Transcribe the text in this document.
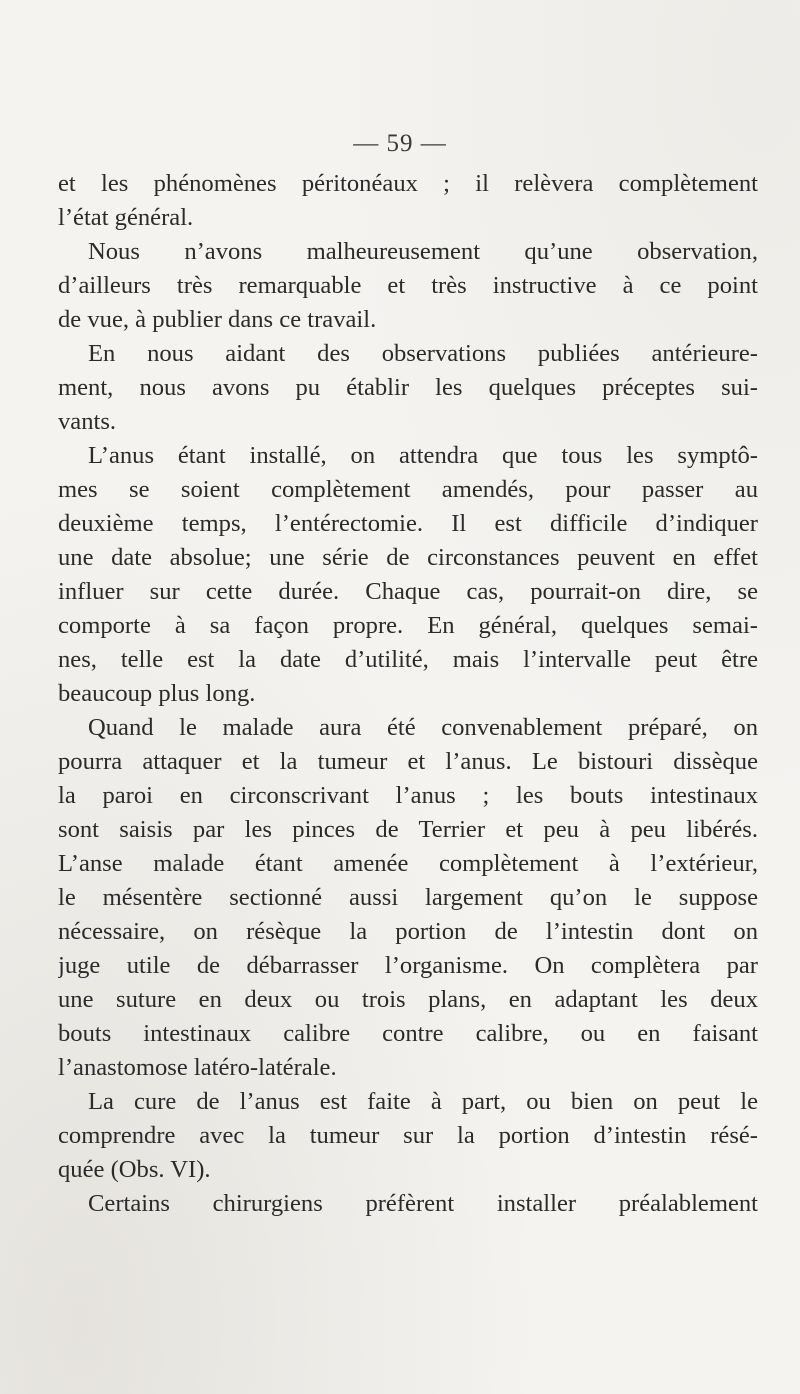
— 59 —
et les phénomènes péritonéaux ; il relèvera complètement
l’état général.
Nous n’avons malheureusement qu’une observation,
d’ailleurs très remarquable et très instructive à ce point
de vue, à publier dans ce travail.
En nous aidant des observations publiées antérieure-
ment, nous avons pu établir les quelques préceptes sui-
vants.
L’anus étant installé, on attendra que tous les symptô-
mes se soient complètement amendés, pour passer au
deuxième temps, l’entérectomie. Il est difficile d’indiquer
une date absolue; une série de circonstances peuvent en effet
influer sur cette durée. Chaque cas, pourrait-on dire, se
comporte à sa façon propre. En général, quelques semai-
nes, telle est la date d’utilité, mais l’intervalle peut être
beaucoup plus long.
Quand le malade aura été convenablement préparé, on
pourra attaquer et la tumeur et l’anus. Le bistouri dissèque
la paroi en circonscrivant l’anus ; les bouts intestinaux
sont saisis par les pinces de Terrier et peu à peu libérés.
L’anse malade étant amenée complètement à l’extérieur,
le mésentère sectionné aussi largement qu’on le suppose
nécessaire, on résèque la portion de l’intestin dont on
juge utile de débarrasser l’organisme. On complètera par
une suture en deux ou trois plans, en adaptant les deux
bouts intestinaux calibre contre calibre, ou en faisant
l’anastomose latéro-latérale.
La cure de l’anus est faite à part, ou bien on peut le
comprendre avec la tumeur sur la portion d’intestin résé-
quée (Obs. VI).
Certains chirurgiens préfèrent installer préalablement
